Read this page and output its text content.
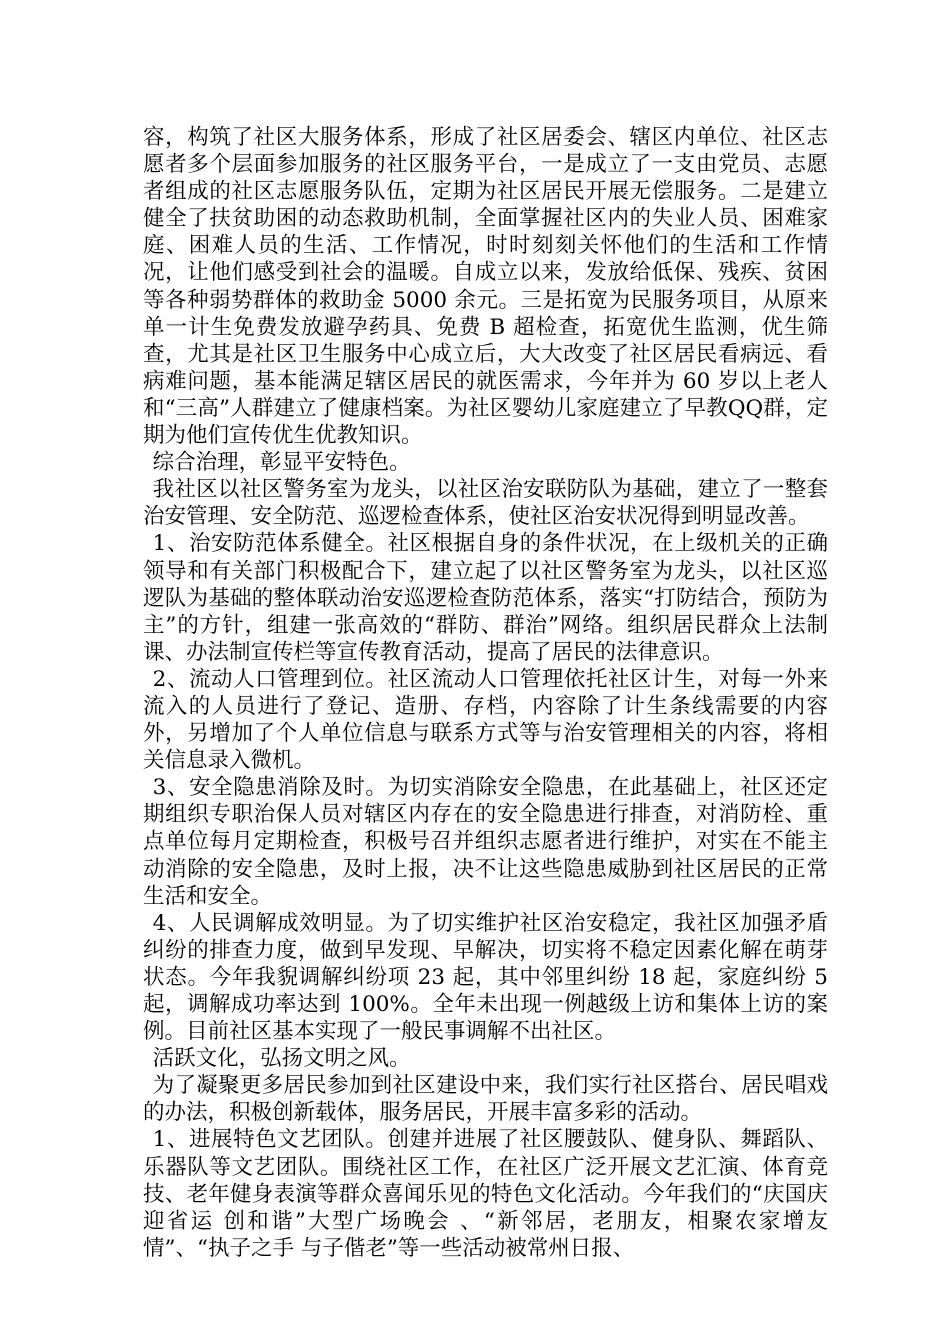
容，构筑了社区大服务体系，形成了社区居委会、辖区内单位、社区志愿者多个层面参加服务的社区服务平台，一是成立了一支由党员、志愿者组成的社区志愿服务队伍，定期为社区居民开展无偿服务。二是建立健全了扶贫助困的动态救助机制，全面掌握社区内的失业人员、困难家庭、困难人员的生活、工作情况，时时刻刻关怀他们的生活和工作情况，让他们感受到社会的温暖。自成立以来，发放给低保、残疾、贫困等各种弱势群体的救助金 5000 余元。三是拓宽为民服务项目，从原来单一计生免费发放避孕药具、免费 B 超检查，拓宽优生监测，优生筛查，尤其是社区卫生服务中心成立后，大大改变了社区居民看病远、看病难问题，基本能满足辖区居民的就医需求，今年并为 60 岁以上老人和“三高”人群建立了健康档案。为社区婴幼儿家庭建立了早教QQ群，定期为他们宣传优生优教知识。

综合治理，彰显平安特色。

我社区以社区警务室为龙头，以社区治安联防队为基础，建立了一整套治安管理、安全防范、巡逻检查体系，使社区治安状况得到明显改善。

1、治安防范体系健全。社区根据自身的条件状况，在上级机关的正确领导和有关部门积极配合下，建立起了以社区警务室为龙头，以社区巡逻队为基础的整体联动治安巡逻检查防范体系，落实“打防结合，预防为主”的方针，组建一张高效的“群防、群治”网络。组织居民群众上法制课、办法制宣传栏等宣传教育活动，提高了居民的法律意识。

2、流动人口管理到位。社区流动人口管理依托社区计生，对每一外来流入的人员进行了登记、造册、存档，内容除了计生条线需要的内容外，另增加了个人单位信息与联系方式等与治安管理相关的内容，将相关信息录入微机。

3、安全隐患消除及时。为切实消除安全隐患，在此基础上，社区还定期组织专职治保人员对辖区内存在的安全隐患进行排查，对消防栓、重点单位每月定期检查，积极号召并组织志愿者进行维护，对实在不能主动消除的安全隐患，及时上报，决不让这些隐患威胁到社区居民的正常生活和安全。

4、人民调解成效明显。为了切实维护社区治安稳定，我社区加强矛盾纠纷的排查力度，做到早发现、早解决，切实将不稳定因素化解在萌芽状态。今年我貎调解纠纷项 23 起，其中邻里纠纷 18 起，家庭纠纷 5 起，调解成功率达到 100%。全年未出现一例越级上访和集体上访的案例。目前社区基本实现了一般民事调解不出社区。

活跃文化，弘扬文明之风。

为了凝聚更多居民参加到社区建设中来，我们实行社区搭台、居民唱戏的办法，积极创新载体，服务居民，开展丰富多彩的活动。

1、进展特色文艺团队。创建并进展了社区腰鼓队、健身队、舞蹈队、乐器队等文艺团队。围绕社区工作，在社区广泛开展文艺汇演、体育竞技、老年健身表演等群众喜闻乐见的特色文化活动。今年我们的“庆国庆 迎省运 创和谐”大型广场晚会 、“新邻居，老朋友，相聚农家增友情”、“执子之手 与子偕老”等一些活动被常州日报、
